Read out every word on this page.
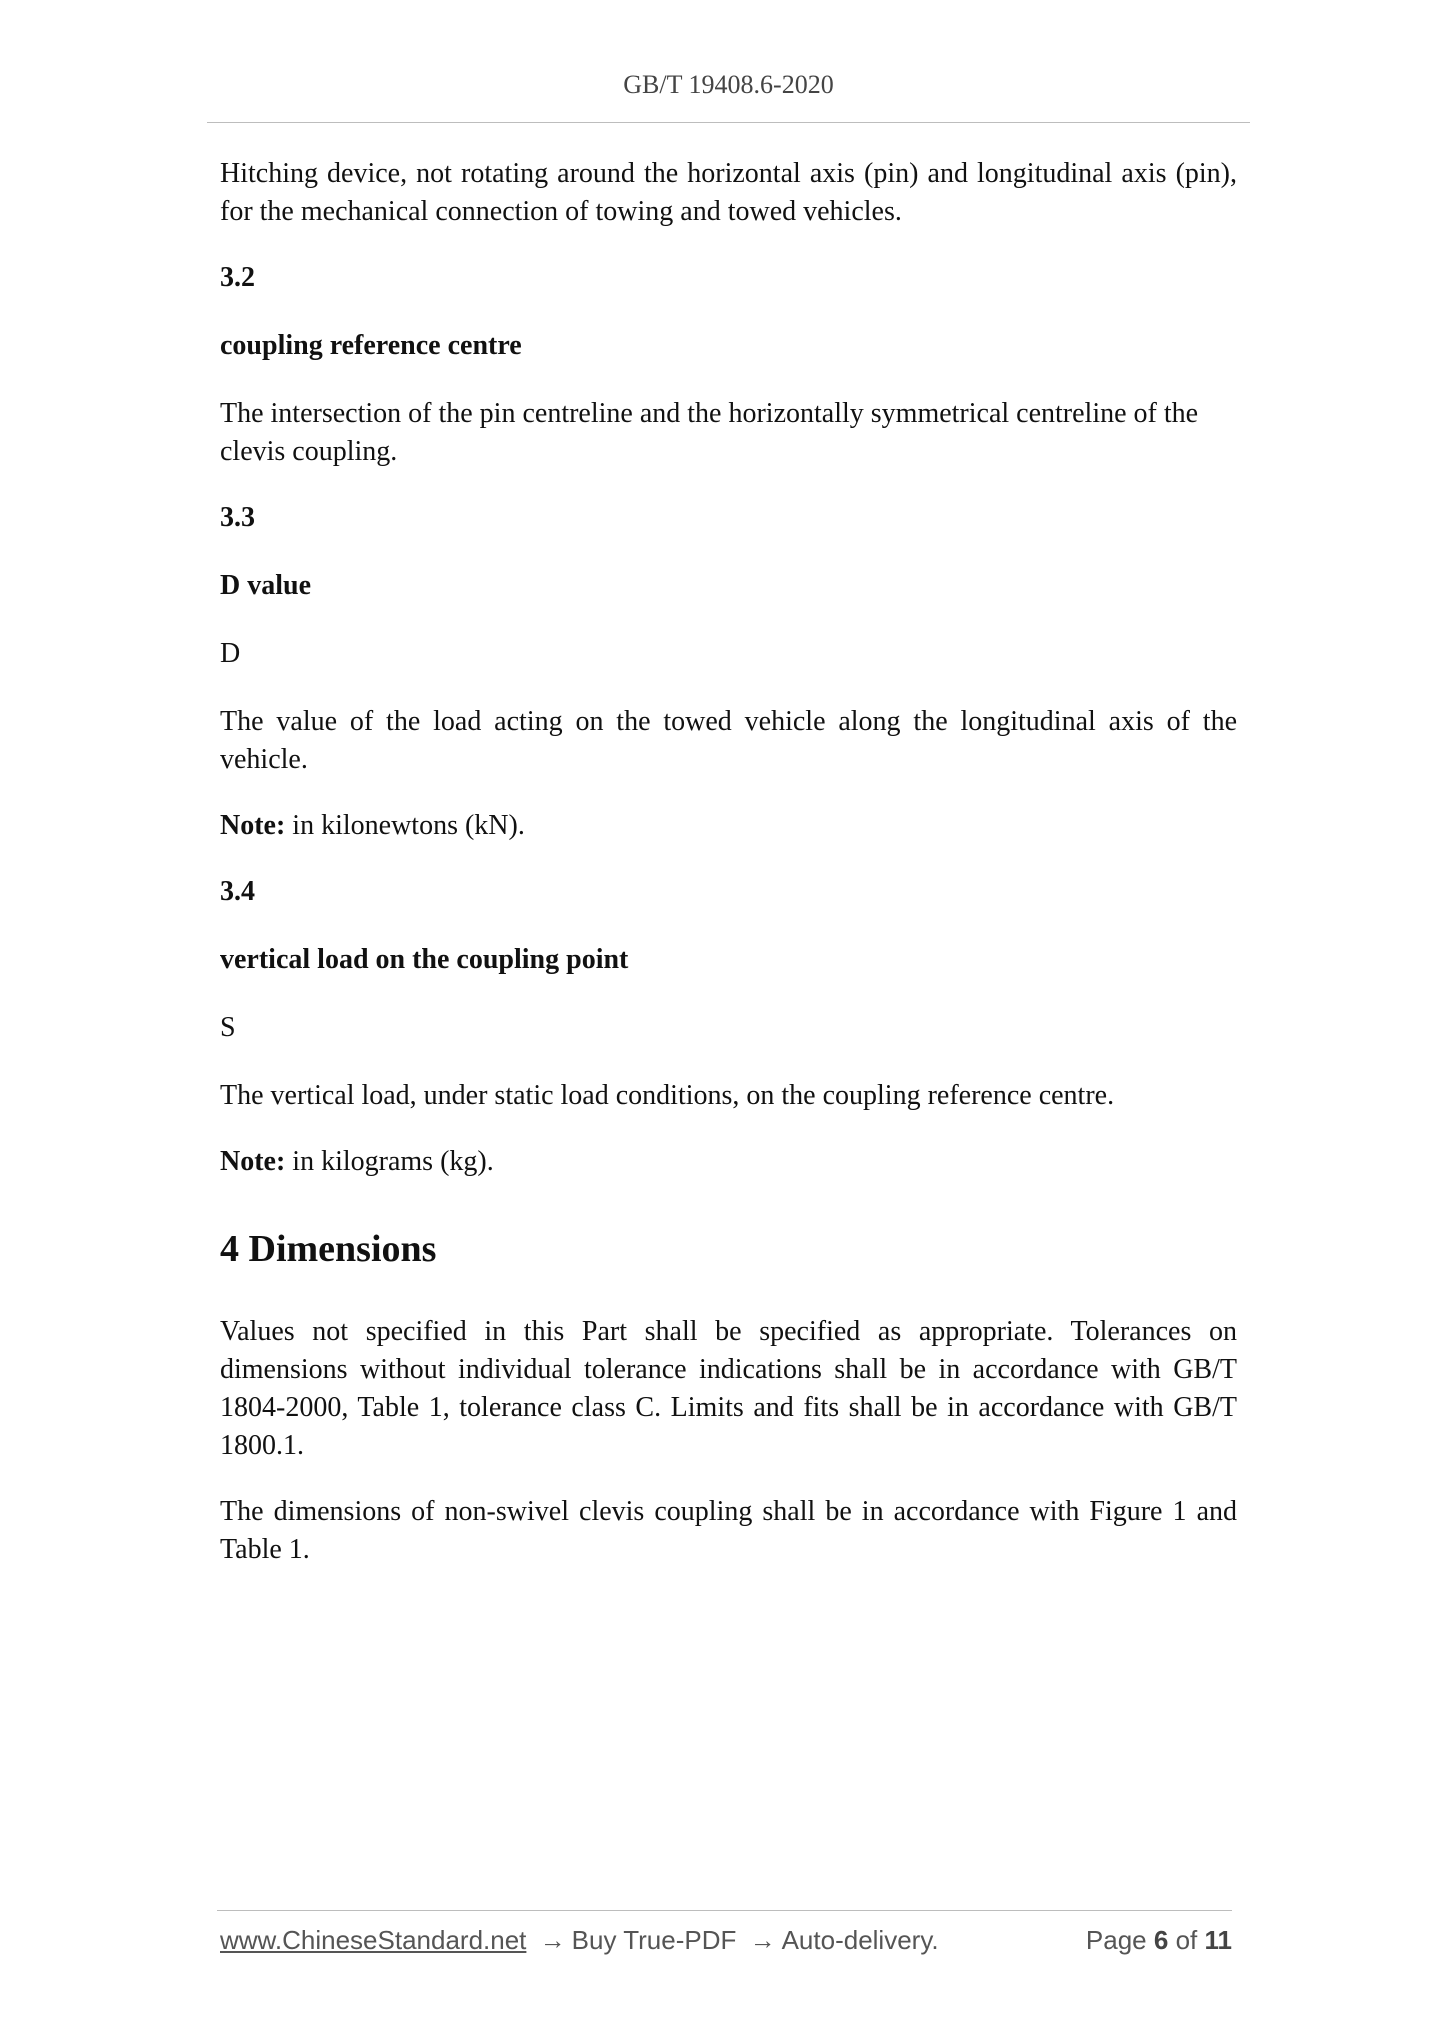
GB/T 19408.6-2020

Hitching device, not rotating around the horizontal axis (pin) and longitudinal axis (pin), for the mechanical connection of towing and towed vehicles.

3.2
coupling reference centre

The intersection of the pin centreline and the horizontally symmetrical centreline of the clevis coupling.

3.3
D value
D

The value of the load acting on the towed vehicle along the longitudinal axis of the vehicle.

Note: in kilonewtons (kN).

3.4
vertical load on the coupling point
S

The vertical load, under static load conditions, on the coupling reference centre.

Note: in kilograms (kg).

4 Dimensions

Values not specified in this Part shall be specified as appropriate. Tolerances on dimensions without individual tolerance indications shall be in accordance with GB/T 1804-2000, Table 1, tolerance class C. Limits and fits shall be in accordance with GB/T 1800.1.

The dimensions of non-swivel clevis coupling shall be in accordance with Figure 1 and Table 1.

www.ChineseStandard.net → Buy True-PDF → Auto-delivery.	Page 6 of 11
